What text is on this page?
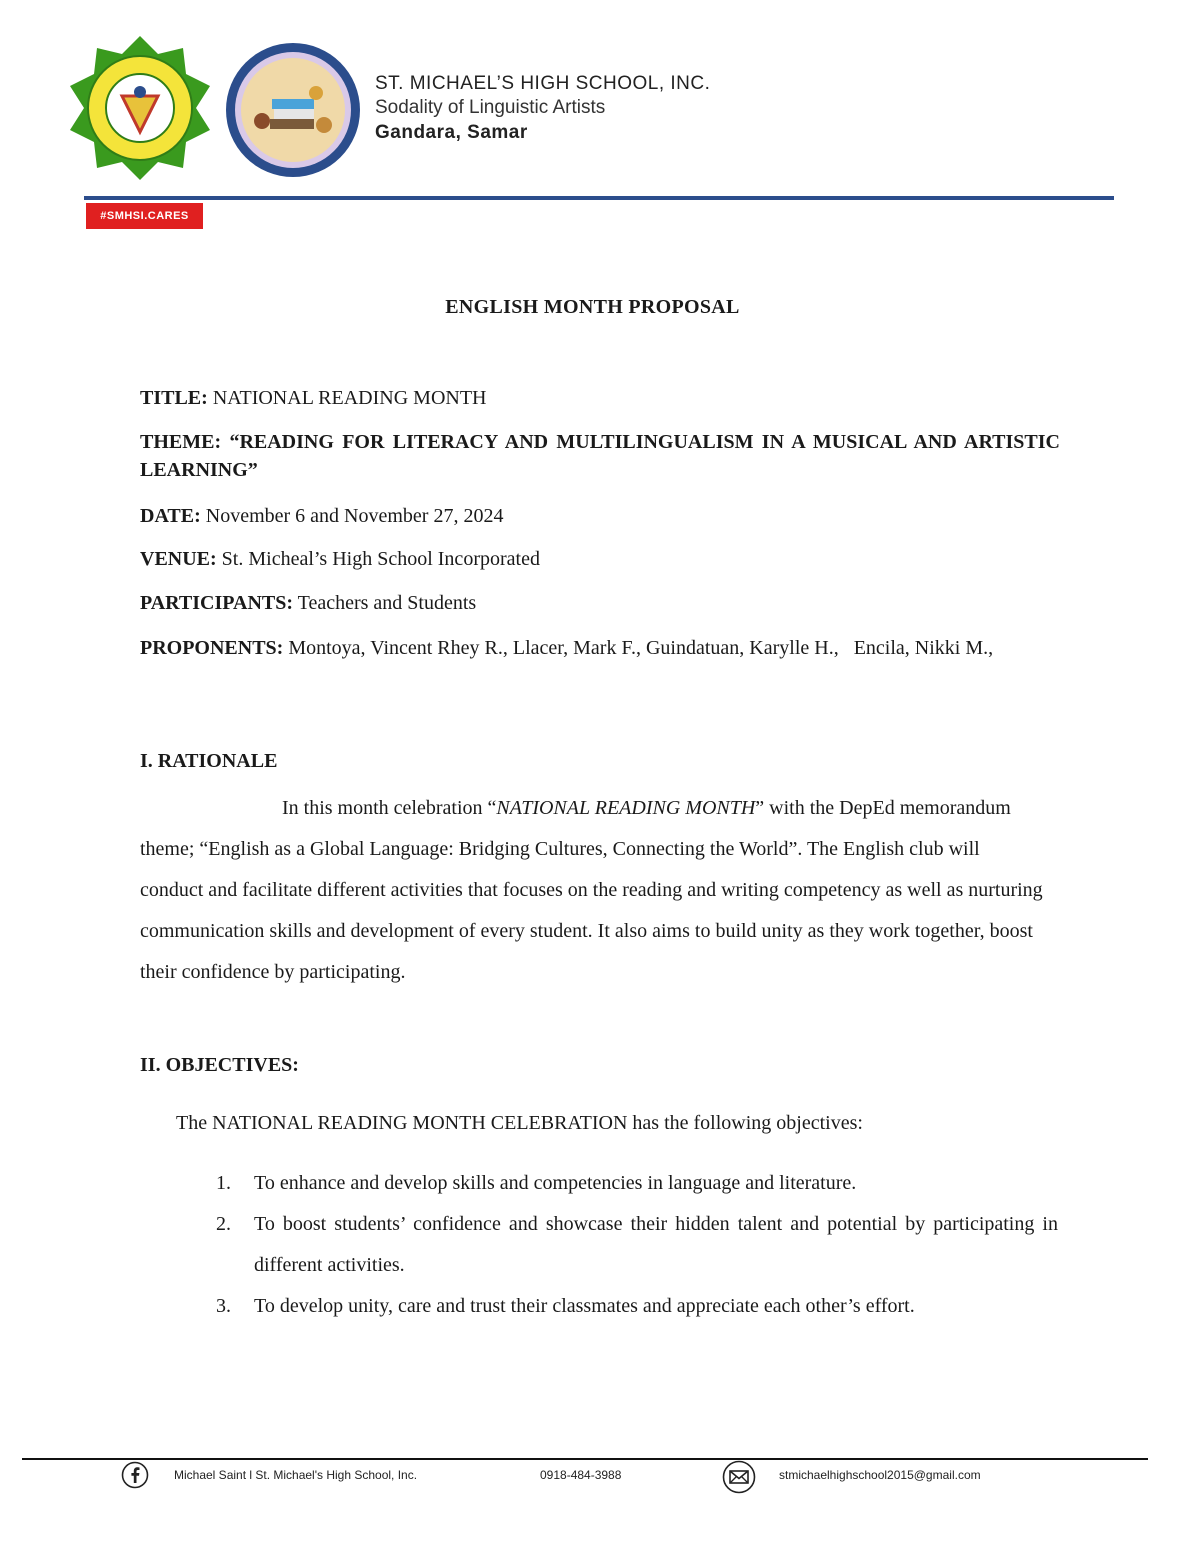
ST. MICHAEL’S HIGH SCHOOL, INC.
Sodality of Linguistic Artists
Gandara, Samar
#SMHSI.CARES
ENGLISH MONTH PROPOSAL
TITLE: NATIONAL READING MONTH
THEME: “READING FOR LITERACY AND MULTILINGUALISM IN A MUSICAL AND ARTISTIC LEARNING”
DATE: November 6 and November 27, 2024
VENUE: St. Micheal’s High School Incorporated
PARTICIPANTS: Teachers and Students
PROPONENTS: Montoya, Vincent Rhey R., Llacer, Mark F., Guindatuan, Karylle H.,   Encila, Nikki M.,
I. RATIONALE
In this month celebration “NATIONAL READING MONTH” with the DepEd memorandum theme; “English as a Global Language: Bridging Cultures, Connecting the World”. The English club will conduct and facilitate different activities that focuses on the reading and writing competency as well as nurturing communication skills and development of every student. It also aims to build unity as they work together, boost their confidence by participating.
II. OBJECTIVES:
The NATIONAL READING MONTH CELEBRATION has the following objectives:
1. To enhance and develop skills and competencies in language and literature.
2. To boost students’ confidence and showcase their hidden talent and potential by participating in different activities.
3. To develop unity, care and trust their classmates and appreciate each other’s effort.
Michael Saint l St. Michael's High School, Inc.	0918-484-3988	stmichaelhighschool2015@gmail.com
